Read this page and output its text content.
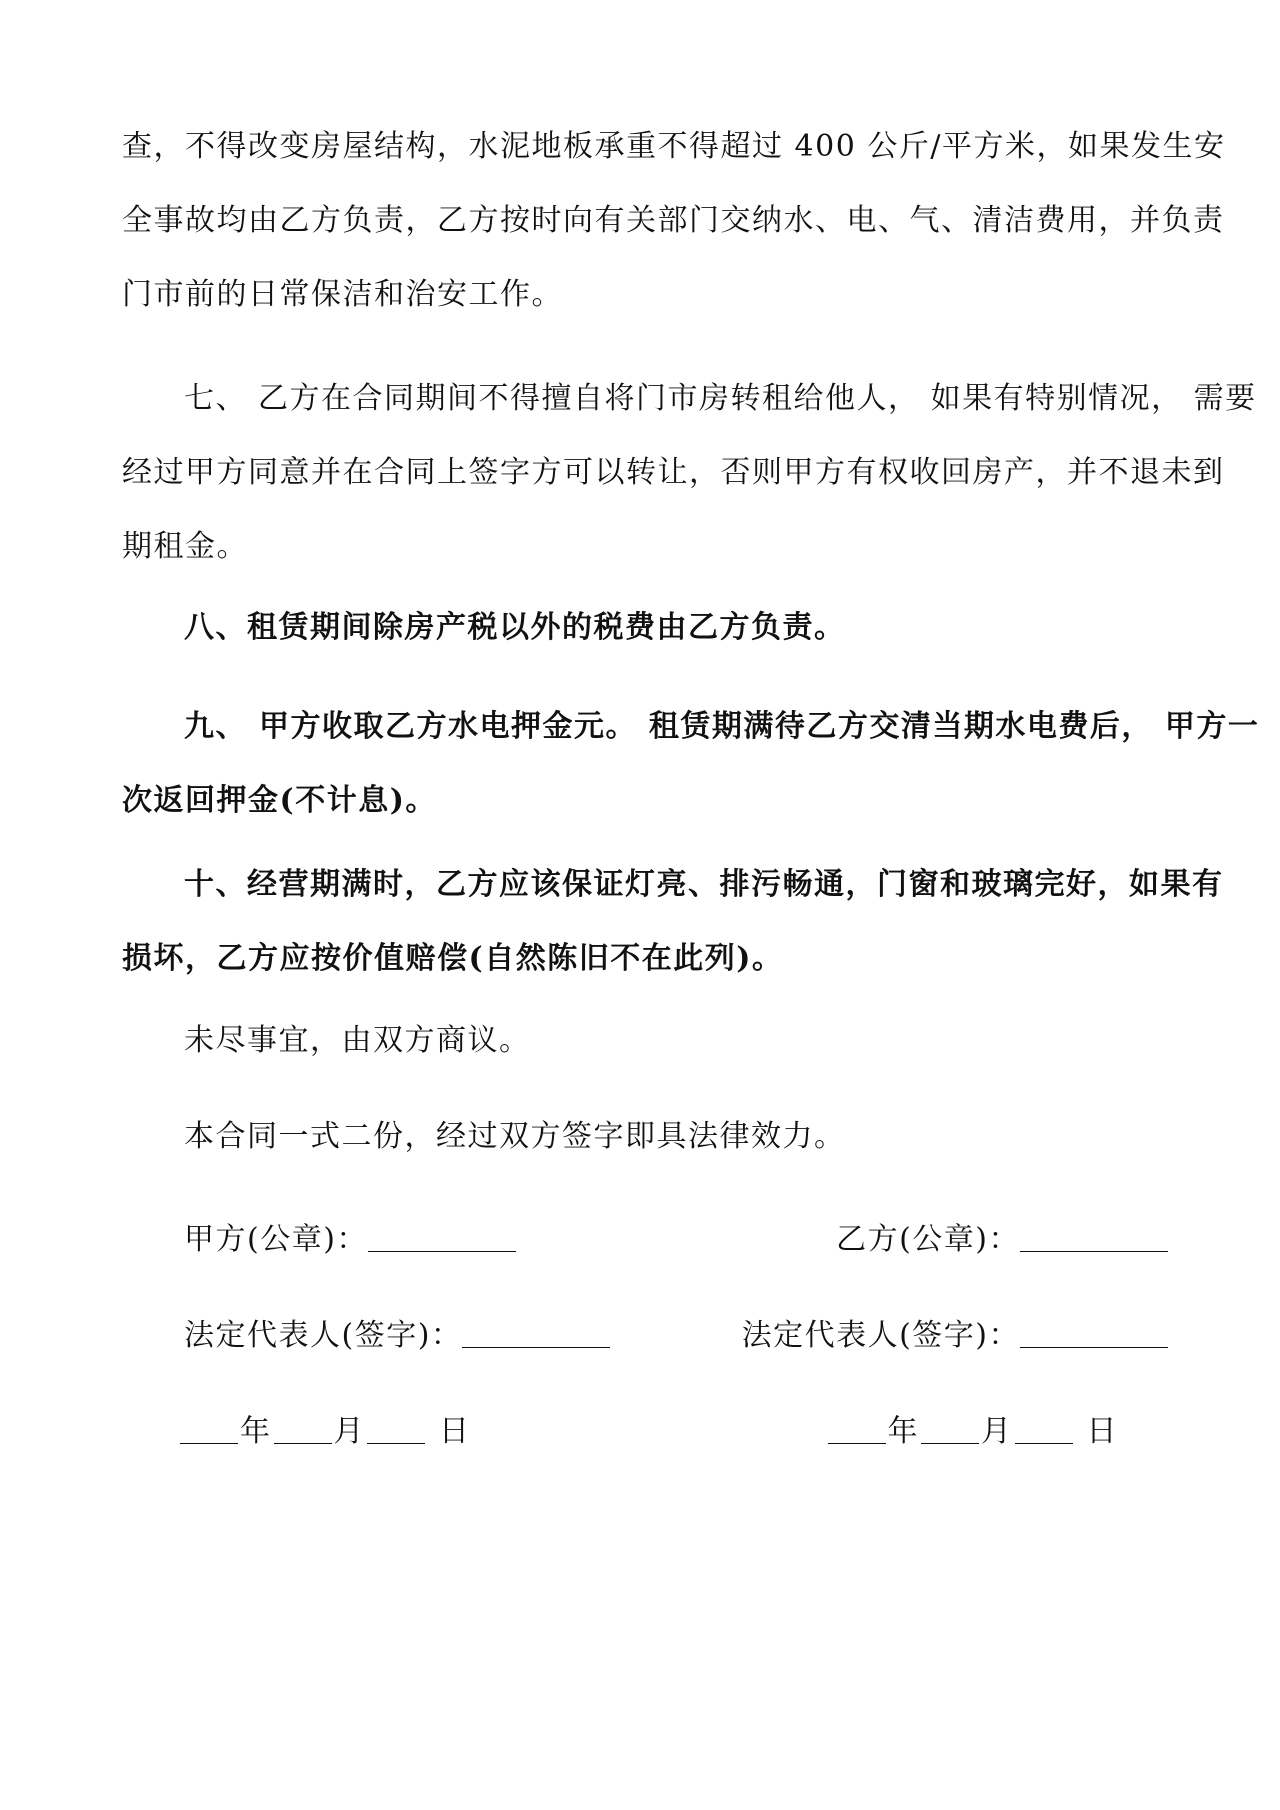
查，不得改变房屋结构，水泥地板承重不得超过 400 公斤/平方米，如果发生安
全事故均由乙方负责，乙方按时向有关部门交纳水、电、气、清洁费用，并负责
门市前的日常保洁和治安工作。

七、 乙方在合同期间不得擅自将门市房转租给他人， 如果有特别情况， 需要
经过甲方同意并在合同上签字方可以转让，否则甲方有权收回房产，并不退未到
期租金。

八、租赁期间除房产税以外的税费由乙方负责。

九、 甲方收取乙方水电押金元。 租赁期满待乙方交清当期水电费后， 甲方一
次返回押金(不计息)。

十、经营期满时，乙方应该保证灯亮、排污畅通，门窗和玻璃完好，如果有
损坏，乙方应按价值赔偿(自然陈旧不在此列)。

未尽事宜，由双方商议。

本合同一式二份，经过双方签字即具法律效力。

甲方(公章)：	乙方(公章)：
法定代表人(签字)：	法定代表人(签字)：
年 月 日	年 月 日
